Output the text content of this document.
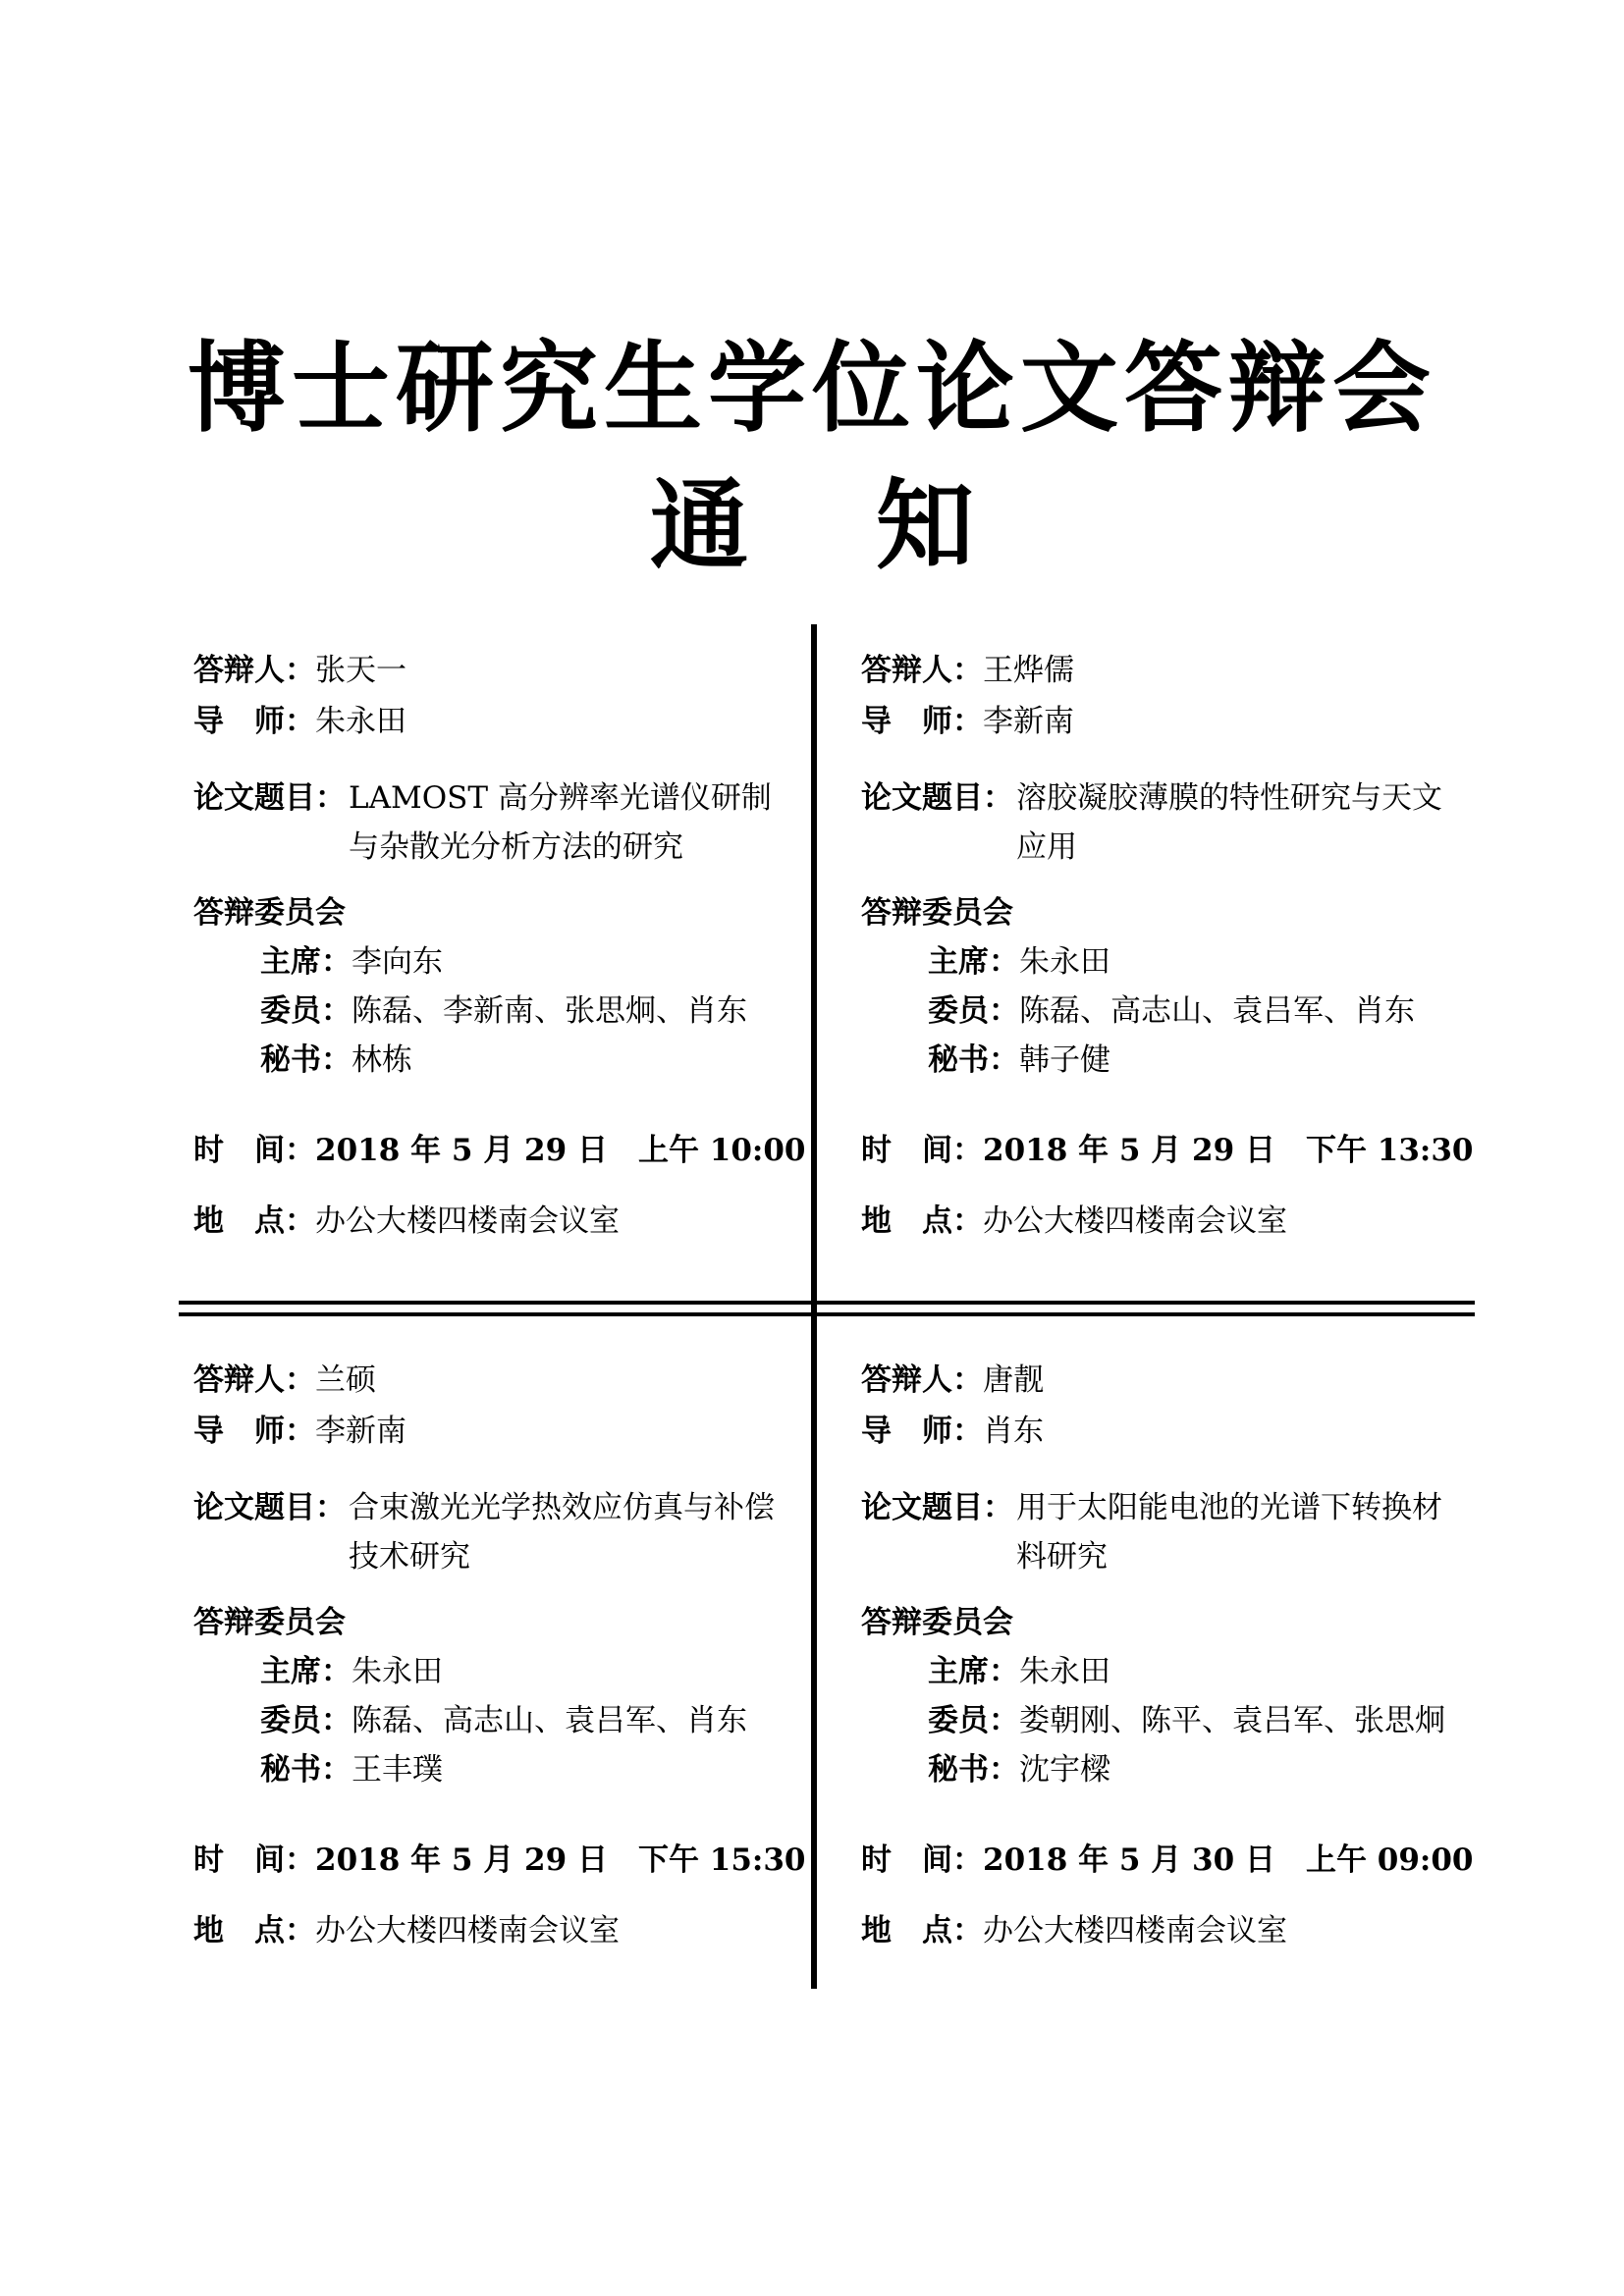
博士研究生学位论文答辩会
通知
答辩人：张天一
导　师：朱永田
论文题目： LAMOST 高分辨率光谱仪研制与杂散光分析方法的研究
答辩委员会
主席：李向东
委员：陈磊、李新南、张思炯、肖东
秘书：林栋
时　间：2018 年 5 月 29 日　上午 10:00
地　点：办公大楼四楼南会议室
答辩人：王烨儒
导　师：李新南
论文题目： 溶胶凝胶薄膜的特性研究与天文应用
答辩委员会
主席：朱永田
委员：陈磊、高志山、袁吕军、肖东
秘书：韩子健
时　间：2018 年 5 月 29 日　下午 13:30
地　点：办公大楼四楼南会议室
答辩人：兰硕
导　师：李新南
论文题目： 合束激光光学热效应仿真与补偿技术研究
答辩委员会
主席：朱永田
委员：陈磊、高志山、袁吕军、肖东
秘书：王丰璞
时　间：2018 年 5 月 29 日　下午 15:30
地　点：办公大楼四楼南会议室
答辩人：唐靓
导　师：肖东
论文题目： 用于太阳能电池的光谱下转换材料研究
答辩委员会
主席：朱永田
委员：娄朝刚、陈平、袁吕军、张思炯
秘书：沈宇樑
时　间：2018 年 5 月 30 日　上午 09:00
地　点：办公大楼四楼南会议室
